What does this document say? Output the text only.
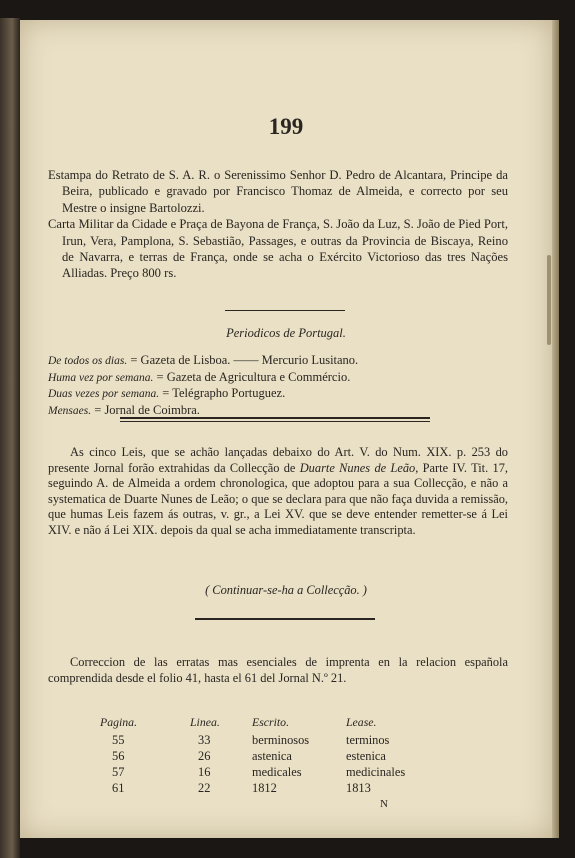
199

Estampa do Retrato de S. A. R. o Serenissimo Senhor D. Pedro de Alcantara, Principe da Beira, publicado e gravado por Francisco Thomaz de Almeida, e correcto por seu Mestre o insigne Bartolozzi.

Carta Militar da Cidade e Praça de Bayona de França, S. João da Luz, S. João de Pied Port, Irun, Vera, Pamplona, S. Sebastião, Passages, e outras da Provincia de Biscaya, Reino de Navarra, e terras de França, onde se acha o Exército Victorioso das tres Nações Alliadas. Preço 800 rs.

Periodicos de Portugal.
De todos os dias. = Gazeta de Lisboa. —— Mercurio Lusitano.
Huma vez por semana. = Gazeta de Agricultura e Commércio.
Duas vezes por semana. = Telégrapho Portuguez.
Mensaes. = Jornal de Coimbra.
As cinco Leis, que se achão lançadas debaixo do Art. V. do Num. XIX. p. 253 do presente Jornal forão extrahidas da Collecção de Duarte Nunes de Leão, Parte IV. Tit. 17, seguindo A. de Almeida a ordem chronologica, que adoptou para a sua Collecção, e não a systematica de Duarte Nunes de Leão; o que se declara para que não faça duvida a remissão, que humas Leis fazem ás outras, v. gr., a Lei XV. que se deve entender remetter-se á Lei XIV. e não á Lei XIX. depois da qual se acha immediatamente transcripta.
( Continuar-se-ha a Collecção. )
Correccion de las erratas mas esenciales de imprenta en la relacion española comprendida desde el folio 41, hasta el 61 del Jornal N.º 21.
Pagina.	Linea.	Escrito.	Lease.
55	33	berminosos	terminos
56	26	astenica	estenica
57	16	medicales	medicinales
61	22	1812	1813
N
